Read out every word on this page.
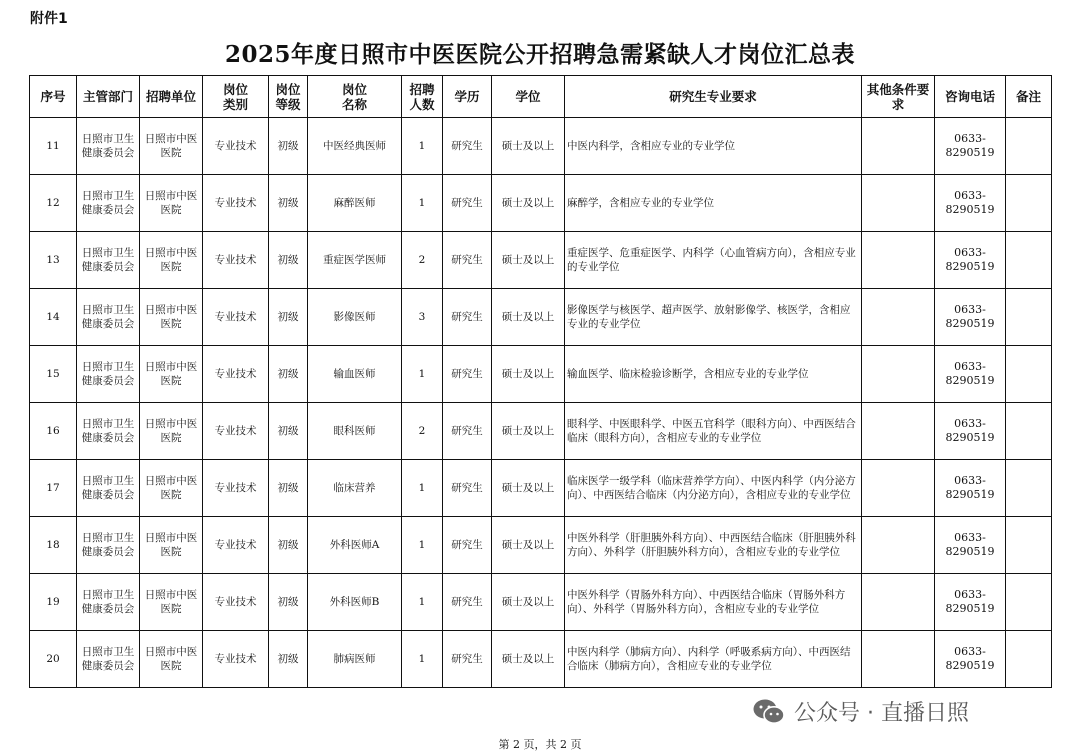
附件1
2025年度日照市中医医院公开招聘急需紧缺人才岗位汇总表
序号	主管部门	招聘单位	岗位类别	岗位等级	岗位名称	招聘人数	学历	学位	研究生专业要求	其他条件要求	咨询电话	备注
11	日照市卫生健康委员会	日照市中医医院	专业技术	初级	中医经典医师	1	研究生	硕士及以上	中医内科学，含相应专业的专业学位		0633-8290519	
12	日照市卫生健康委员会	日照市中医医院	专业技术	初级	麻醉医师	1	研究生	硕士及以上	麻醉学，含相应专业的专业学位		0633-8290519	
13	日照市卫生健康委员会	日照市中医医院	专业技术	初级	重症医学医师	2	研究生	硕士及以上	重症医学、危重症医学、内科学（心血管病方向），含相应专业的专业学位		0633-8290519	
14	日照市卫生健康委员会	日照市中医医院	专业技术	初级	影像医师	3	研究生	硕士及以上	影像医学与核医学、超声医学、放射影像学、核医学，含相应专业的专业学位		0633-8290519	
15	日照市卫生健康委员会	日照市中医医院	专业技术	初级	输血医师	1	研究生	硕士及以上	输血医学、临床检验诊断学，含相应专业的专业学位		0633-8290519	
16	日照市卫生健康委员会	日照市中医医院	专业技术	初级	眼科医师	2	研究生	硕士及以上	眼科学、中医眼科学、中医五官科学（眼科方向）、中西医结合临床（眼科方向），含相应专业的专业学位		0633-8290519	
17	日照市卫生健康委员会	日照市中医医院	专业技术	初级	临床营养	1	研究生	硕士及以上	临床医学一级学科（临床营养学方向）、中医内科学（内分泌方向）、中西医结合临床（内分泌方向），含相应专业的专业学位		0633-8290519	
18	日照市卫生健康委员会	日照市中医医院	专业技术	初级	外科医师A	1	研究生	硕士及以上	中医外科学（肝胆胰外科方向）、中西医结合临床（肝胆胰外科方向）、外科学（肝胆胰外科方向），含相应专业的专业学位		0633-8290519	
19	日照市卫生健康委员会	日照市中医医院	专业技术	初级	外科医师B	1	研究生	硕士及以上	中医外科学（胃肠外科方向）、中西医结合临床（胃肠外科方向）、外科学（胃肠外科方向），含相应专业的专业学位		0633-8290519	
20	日照市卫生健康委员会	日照市中医医院	专业技术	初级	肺病医师	1	研究生	硕士及以上	中医内科学（肺病方向）、内科学（呼吸系病方向）、中西医结合临床（肺病方向），含相应专业的专业学位		0633-8290519	
第 2 页，共 2 页
公众号 · 直播日照
